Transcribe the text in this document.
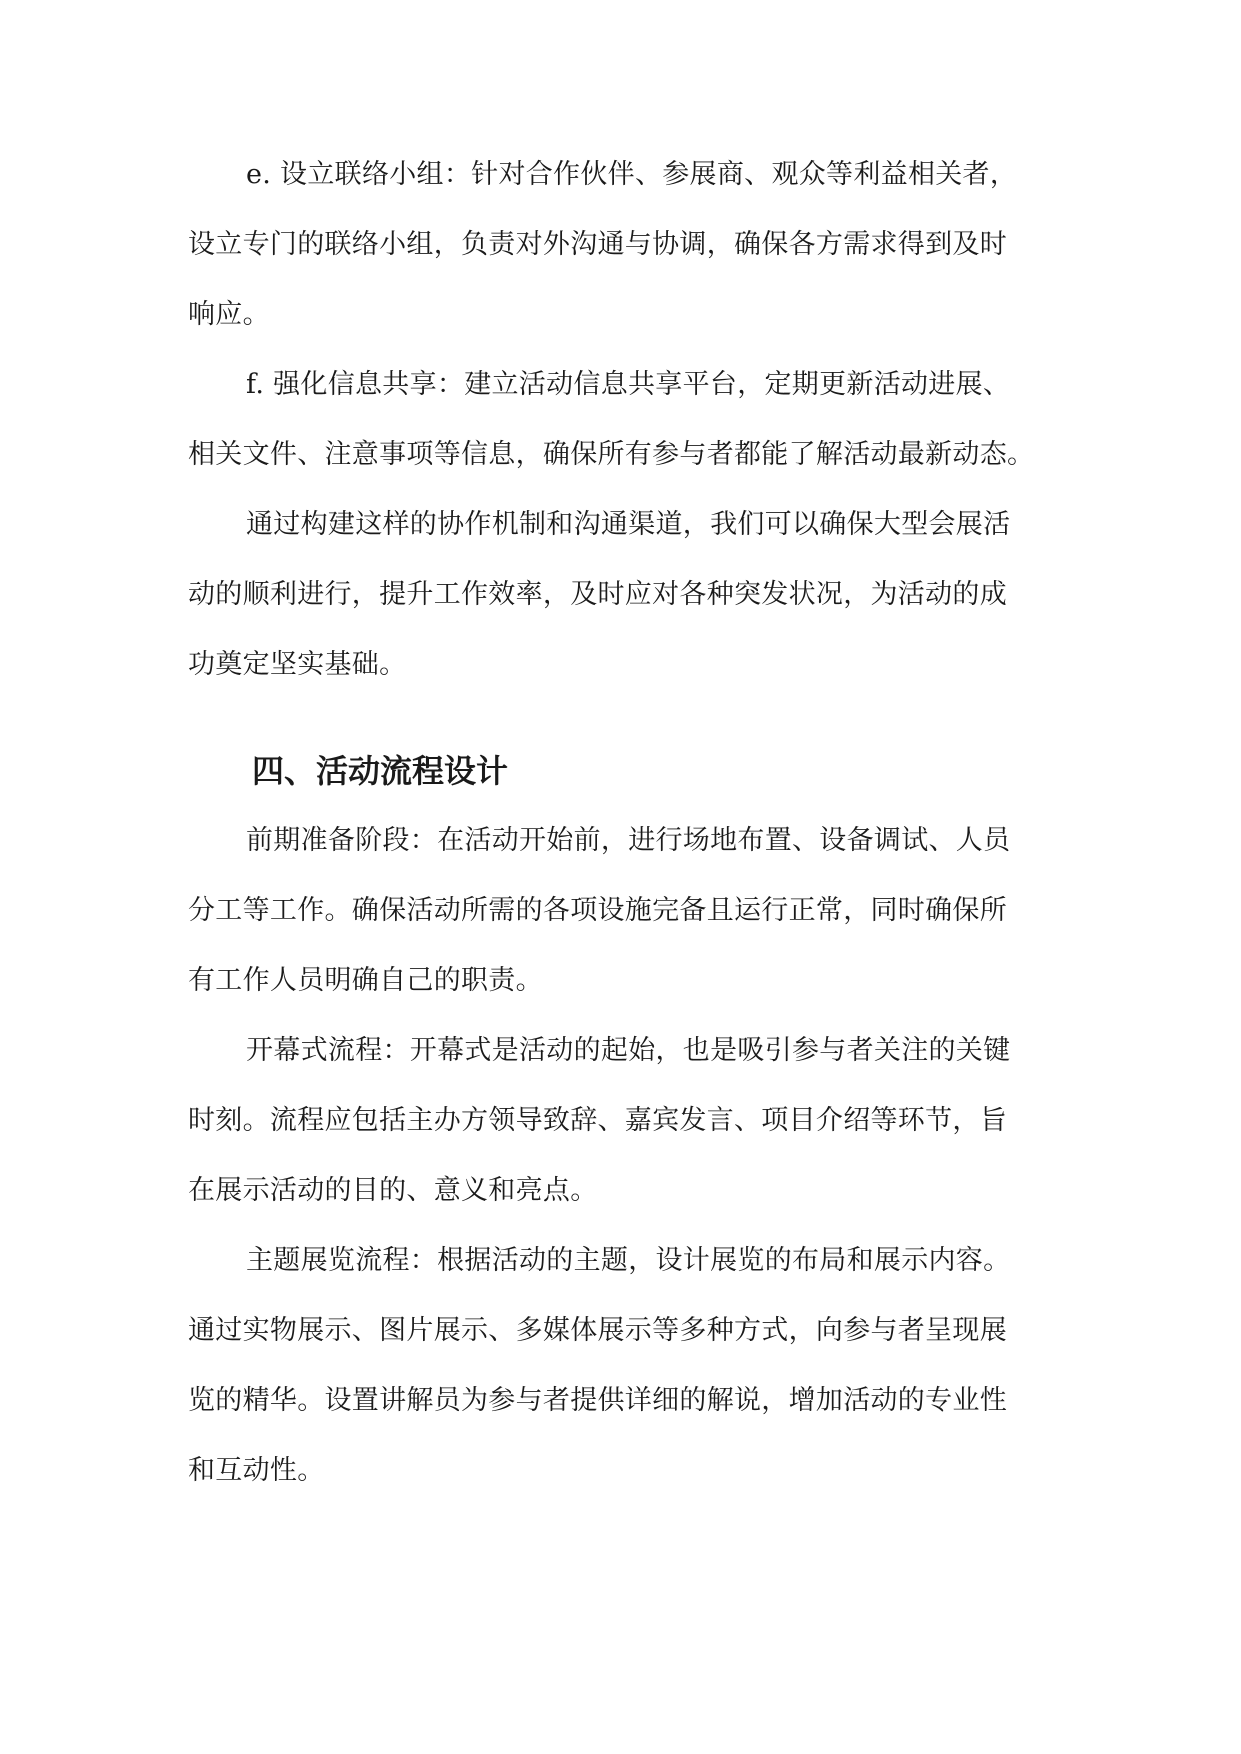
e. 设立联络小组：针对合作伙伴、参展商、观众等利益相关者，
设立专门的联络小组，负责对外沟通与协调，确保各方需求得到及时
响应。

f. 强化信息共享：建立活动信息共享平台，定期更新活动进展、
相关文件、注意事项等信息，确保所有参与者都能了解活动最新动态。

通过构建这样的协作机制和沟通渠道，我们可以确保大型会展活
动的顺利进行，提升工作效率，及时应对各种突发状况，为活动的成
功奠定坚实基础。

四、活动流程设计

前期准备阶段：在活动开始前，进行场地布置、设备调试、人员
分工等工作。确保活动所需的各项设施完备且运行正常，同时确保所
有工作人员明确自己的职责。

开幕式流程：开幕式是活动的起始，也是吸引参与者关注的关键
时刻。流程应包括主办方领导致辞、嘉宾发言、项目介绍等环节，旨
在展示活动的目的、意义和亮点。

主题展览流程：根据活动的主题，设计展览的布局和展示内容。
通过实物展示、图片展示、多媒体展示等多种方式，向参与者呈现展
览的精华。设置讲解员为参与者提供详细的解说，增加活动的专业性
和互动性。
